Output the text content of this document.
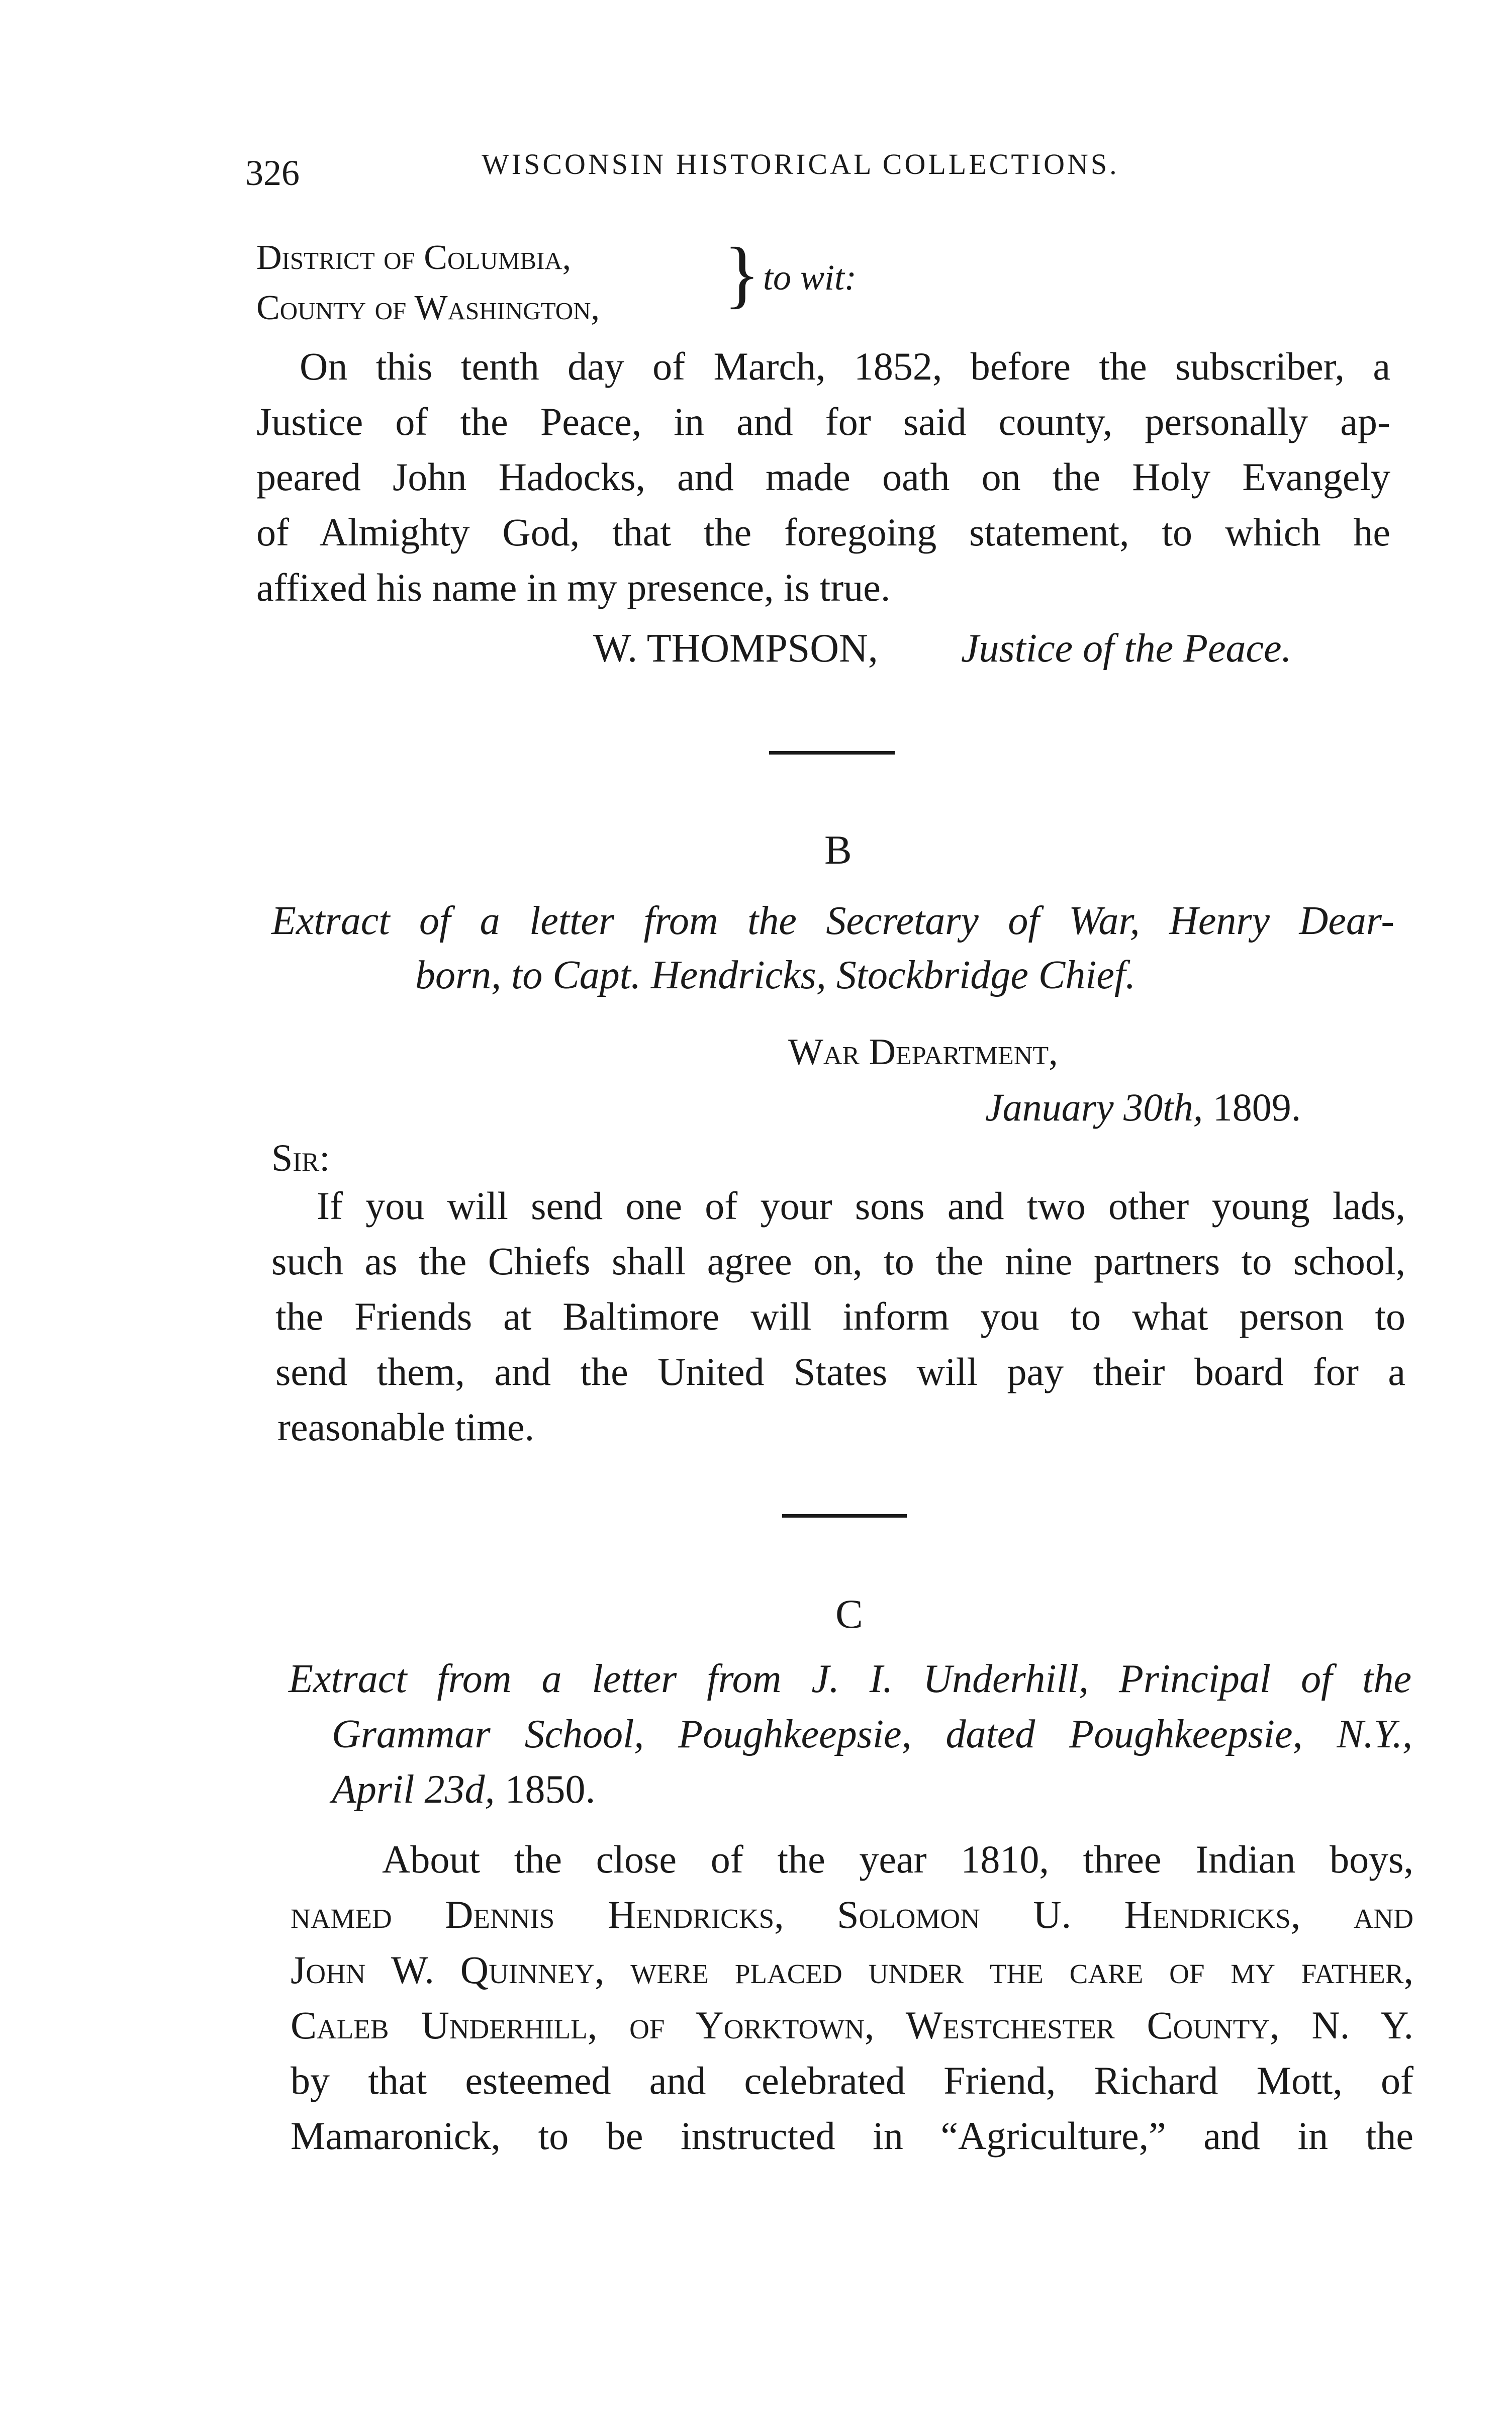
326	WISCONSIN HISTORICAL COLLECTIONS.
District of Columbia,
County of Washington, } to wit:
On this tenth day of March, 1852, before the subscriber, a
Justice of the Peace, in and for said county, personally ap-
peared John Hadocks, and made oath on the Holy Evangely
of Almighty God, that the foregoing statement, to which he
affixed his name in my presence, is true.
W. THOMPSON, Justice of the Peace.
B
Extract of a letter from the Secretary of War, Henry Dear-
born, to Capt. Hendricks, Stockbridge Chief.
War Department,
January 30th, 1809.
Sir:
If you will send one of your sons and two other young lads,
such as the Chiefs shall agree on, to the nine partners to school,
the Friends at Baltimore will inform you to what person to
send them, and the United States will pay their board for a
reasonable time.
C
Extract from a letter from J. I. Underhill, Principal of the
Grammar School, Poughkeepsie, dated Poughkeepsie, N.Y.,
April 23d, 1850.
About the close of the year 1810, three Indian boys,
named Dennis Hendricks, Solomon U. Hendricks, and
John W. Quinney, were placed under the care of my father,
Caleb Underhill, of Yorktown, Westchester County, N. Y.
by that esteemed and celebrated Friend, Richard Mott, of
Mamaronick, to be instructed in “Agriculture,” and in the
